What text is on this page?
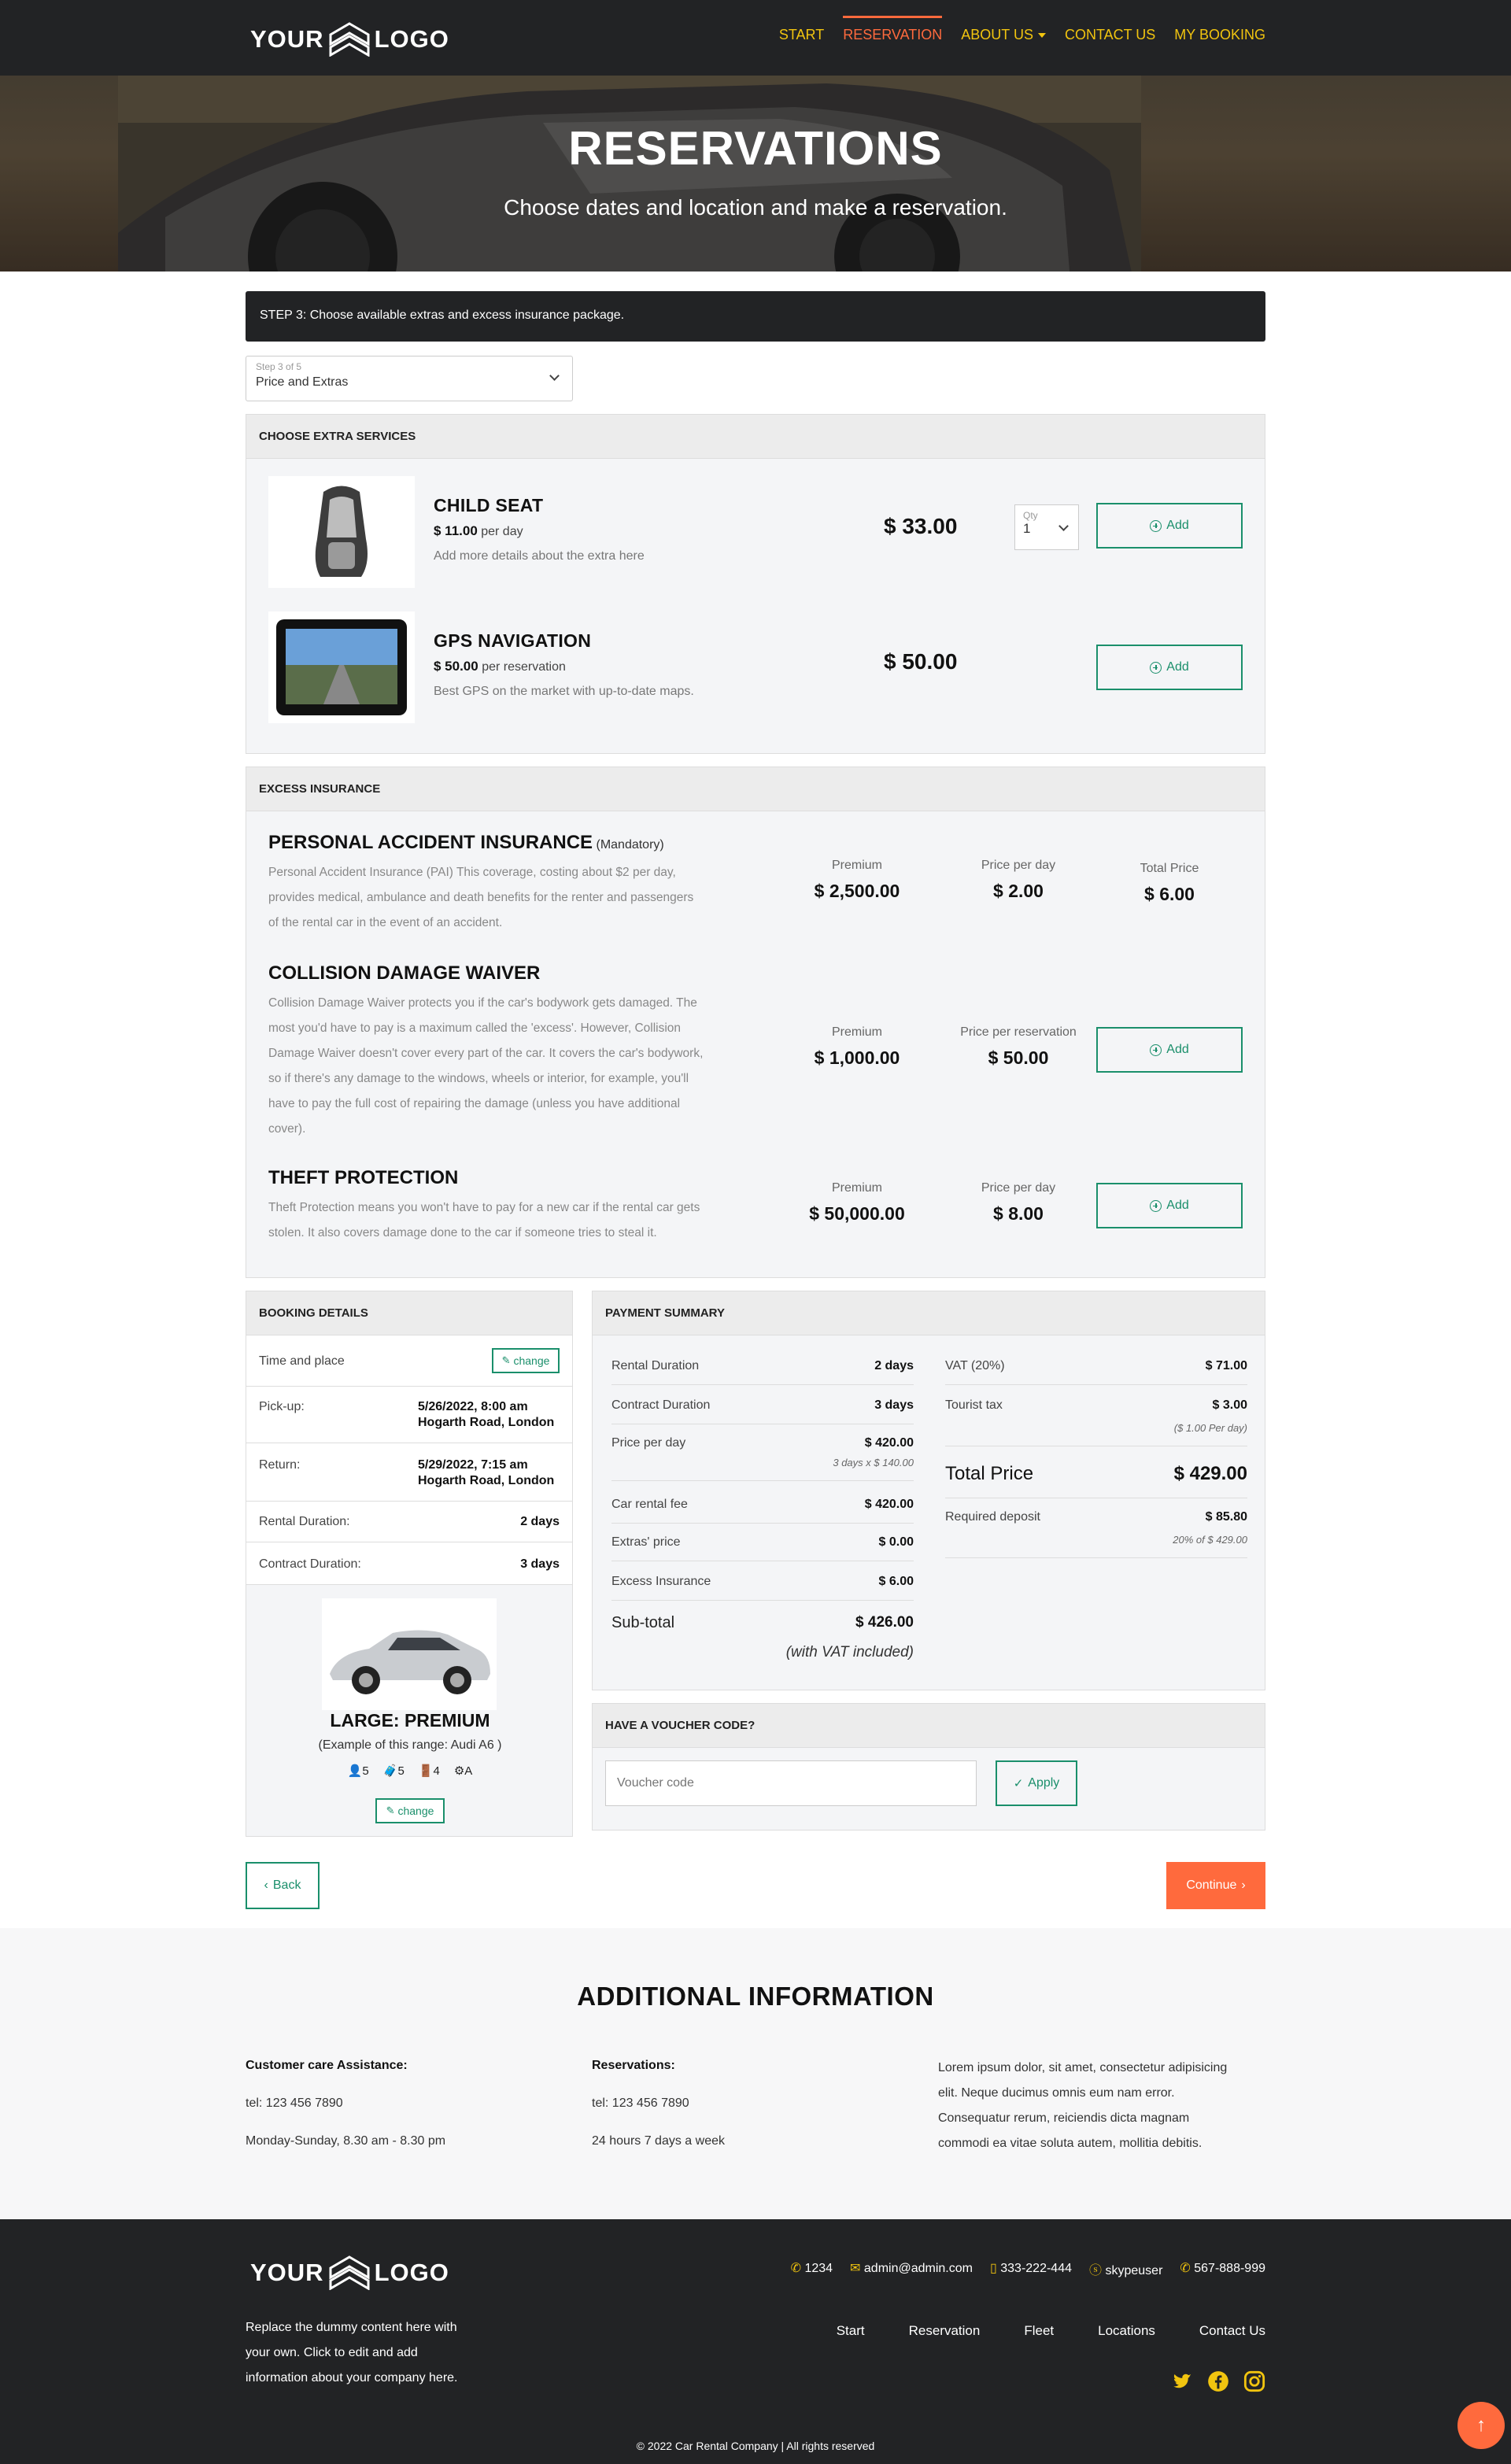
YOUR LOGO	START RESERVATION ABOUT US CONTACT US MY BOOKING
RESERVATIONS
Choose dates and location and make a reservation.
STEP 3: Choose available extras and excess insurance package.
Step 3 of 5
Price and Extras
CHOOSE EXTRA SERVICES
CHILD SEAT
$ 11.00 per day
Add more details about the extra here
$ 33.00	Qty
1	Add
GPS NAVIGATION
$ 50.00 per reservation
Best GPS on the market with up-to-date maps.
$ 50.00	Add
EXCESS INSURANCE
PERSONAL ACCIDENT INSURANCE (Mandatory)
Personal Accident Insurance (PAI) This coverage, costing about $2 per day,
provides medical, ambulance and death benefits for the renter and passengers
of the rental car in the event of an accident.
Premium
$ 2,500.00
Price per day
$ 2.00
Total Price
$ 6.00
COLLISION DAMAGE WAIVER
Collision Damage Waiver protects you if the car's bodywork gets damaged. The
most you'd have to pay is a maximum called the 'excess'. However, Collision
Damage Waiver doesn't cover every part of the car. It covers the car's bodywork,
so if there's any damage to the windows, wheels or interior, for example, you'll
have to pay the full cost of repairing the damage (unless you have additional
cover).
Premium
$ 1,000.00
Price per reservation
$ 50.00	Add
THEFT PROTECTION
Theft Protection means you won't have to pay for a new car if the rental car gets
stolen. It also covers damage done to the car if someone tries to steal it.
Premium
$ 50,000.00
Price per day
$ 8.00	Add
BOOKING DETAILS
Time and place	✎ change
Pick-up:	5/26/2022, 8:00 am
Hogarth Road, London
Return:	5/29/2022, 7:15 am
Hogarth Road, London
Rental Duration:	2 days
Contract Duration:	3 days
LARGE: PREMIUM
(Example of this range: Audi A6 )
👤5 🧳5 🚪4 ⚙A
✎ change
PAYMENT SUMMARY
Rental Duration	2 days
Contract Duration	3 days
Price per day	$ 420.00
3 days x $ 140.00
Car rental fee	$ 420.00
Extras' price	$ 0.00
Excess Insurance	$ 6.00
Sub-total	$ 426.00
(with VAT included)
VAT (20%)	$ 71.00
Tourist tax	$ 3.00
($ 1.00 Per day)
Total Price	$ 429.00
Required deposit	$ 85.80
20% of $ 429.00
HAVE A VOUCHER CODE?
Voucher code
✓ Apply
‹ Back	Continue ›
ADDITIONAL INFORMATION
Customer care Assistance:
tel: 123 456 7890
Monday-Sunday, 8.30 am - 8.30 pm
Reservations:
tel: 123 456 7890
24 hours 7 days a week
Lorem ipsum dolor, sit amet, consectetur adipisicing
elit. Neque ducimus omnis eum nam error.
Consequatur rerum, reiciendis dicta magnam
commodi ea vitae soluta autem, mollitia debitis.
YOUR LOGO
Replace the dummy content here with
your own. Click to edit and add
information about your company here.
✆ 1234 ✉ admin@admin.com ▯ 333-222-444 ⓢ skypeuser ✆ 567-888-999
Start	Reservation	Fleet	Locations	Contact Us
© 2022 Car Rental Company | All rights reserved
↑
